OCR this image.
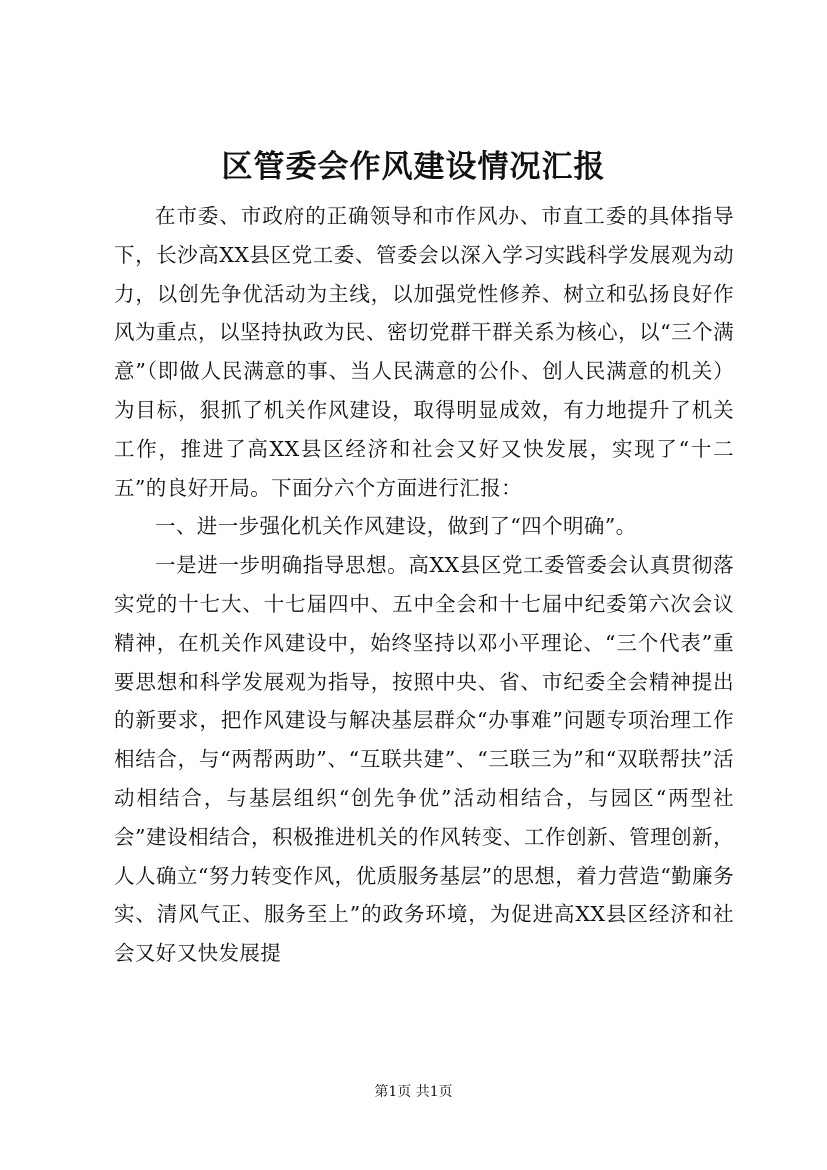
区管委会作风建设情况汇报

在市委、市政府的正确领导和市作风办、市直工委的具体指导下，长沙高XX县区党工委、管委会以深入学习实践科学发展观为动力，以创先争优活动为主线，以加强党性修养、树立和弘扬良好作风为重点，以坚持执政为民、密切党群干群关系为核心，以“三个满意”（即做人民满意的事、当人民满意的公仆、创人民满意的机关）为目标，狠抓了机关作风建设，取得明显成效，有力地提升了机关工作，推进了高XX县区经济和社会又好又快发展，实现了“十二五”的良好开局。下面分六个方面进行汇报：

一、进一步强化机关作风建设，做到了“四个明确”。

一是进一步明确指导思想。高XX县区党工委管委会认真贯彻落实党的十七大、十七届四中、五中全会和十七届中纪委第六次会议精神，在机关作风建设中，始终坚持以邓小平理论、“三个代表”重要思想和科学发展观为指导，按照中央、省、市纪委全会精神提出的新要求，把作风建设与解决基层群众“办事难”问题专项治理工作相结合，与“两帮两助”、“互联共建”、“三联三为”和“双联帮扶”活动相结合，与基层组织“创先争优”活动相结合，与园区“两型社会”建设相结合，积极推进机关的作风转变、工作创新、管理创新，人人确立“努力转变作风，优质服务基层”的思想，着力营造“勤廉务实、清风气正、服务至上”的政务环境，为促进高XX县区经济和社会又好又快发展提

第1页 共1页
